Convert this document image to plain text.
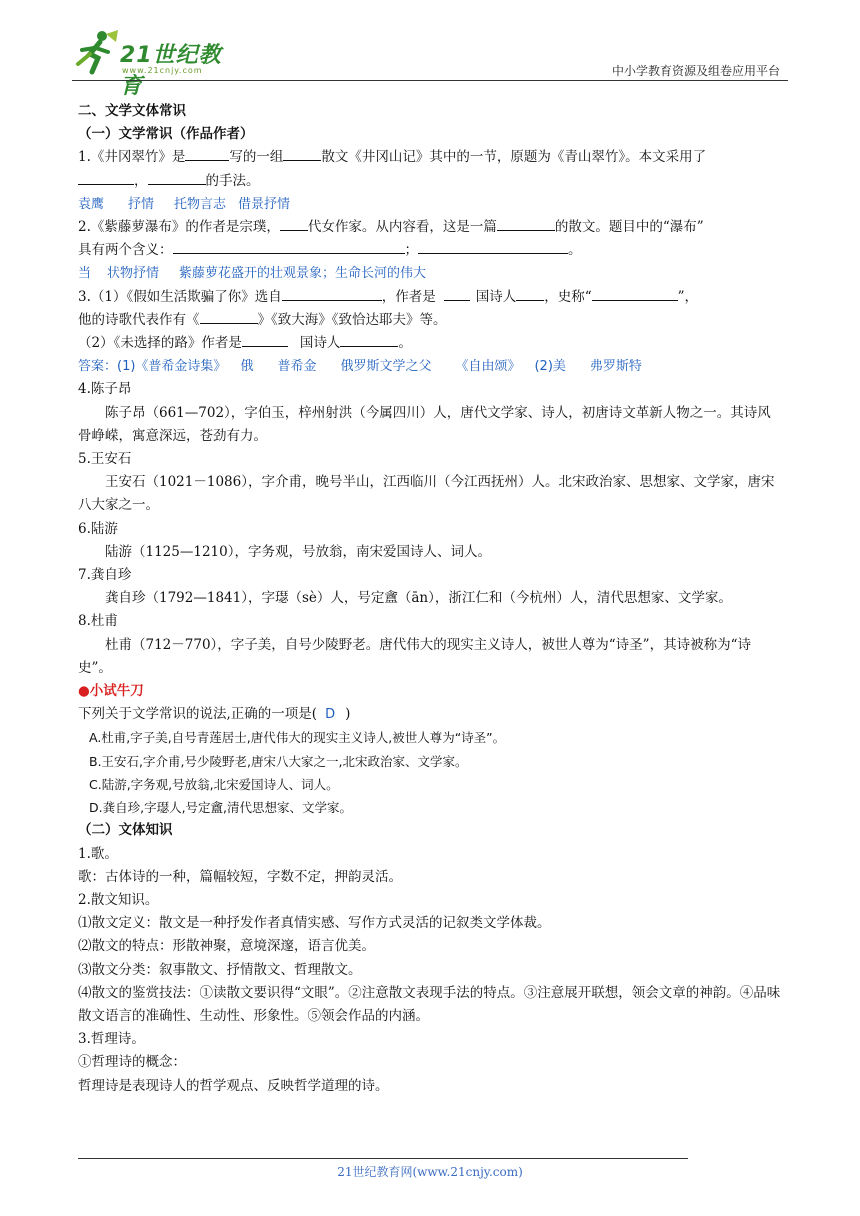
21世纪教育
www.21cnjy.com	中小学教育资源及组卷应用平台

二、文学文体常识

（一）文学常识（作品作者）

1.《井冈翠竹》是	写的一组	散文《井冈山记》其中的一节，原题为《青山翠竹》。本文采用了
，	的手法。

袁鹰 抒情 托物言志 借景抒情

2.《紫藤萝瀑布》的作者是宗璞， 代女作家。从内容看，这是一篇	的散文。题目中的“瀑布”
具有两个含义：	；	。

当 状物抒情 紫藤萝花盛开的壮观景象；生命长河的伟大

3.（1）《假如生活欺骗了你》选自	，作者是	国诗人 ，史称“	”，
他的诗歌代表作有《	》《致大海》《致恰达耶夫》等。
（2）《未选择的路》作者是	国诗人	。

答案：(1)《普希金诗集》 俄 普希金 俄罗斯文学之父 《自由颂》 (2)美 弗罗斯特

4.陈子昂

陈子昂（661—702），字伯玉，梓州射洪（今属四川）人，唐代文学家、诗人，初唐诗文革新人物之一。其诗风骨峥嵘，寓意深远，苍劲有力。

5.王安石

王安石（1021－1086），字介甫，晚号半山，江西临川（今江西抚州）人。北宋政治家、思想家、文学家，唐宋八大家之一。

6.陆游

陆游（1125—1210），字务观，号放翁，南宋爱国诗人、词人。

7.龚自珍

龚自珍（1792—1841），字璱（sè）人，号定盦（ān），浙江仁和（今杭州）人，清代思想家、文学家。

8.杜甫

杜甫（712－770），字子美，自号少陵野老。唐代伟大的现实主义诗人，被世人尊为“诗圣”，其诗被称为“诗史”。

●小试牛刀

下列关于文学常识的说法,正确的一项是( D )

A.杜甫,字子美,自号青莲居士,唐代伟大的现实主义诗人,被世人尊为“诗圣”。

B.王安石,字介甫,号少陵野老,唐宋八大家之一,北宋政治家、文学家。

C.陆游,字务观,号放翁,北宋爱国诗人、词人。

D.龚自珍,字璱人,号定盦,清代思想家、文学家。

（二）文体知识

1.歌。

歌：古体诗的一种，篇幅较短，字数不定，押韵灵活。

2.散文知识。

⑴散文定义：散文是一种抒发作者真情实感、写作方式灵活的记叙类文学体裁。

⑵散文的特点：形散神聚，意境深邃，语言优美。

⑶散文分类：叙事散文、抒情散文、哲理散文。

⑷散文的鉴赏技法：①读散文要识得“文眼”。②注意散文表现手法的特点。③注意展开联想，领会文章的神韵。④品味散文语言的准确性、生动性、形象性。⑤领会作品的内涵。

3.哲理诗。

①哲理诗的概念：

哲理诗是表现诗人的哲学观点、反映哲学道理的诗。

21世纪教育网(www.21cnjy.com)
